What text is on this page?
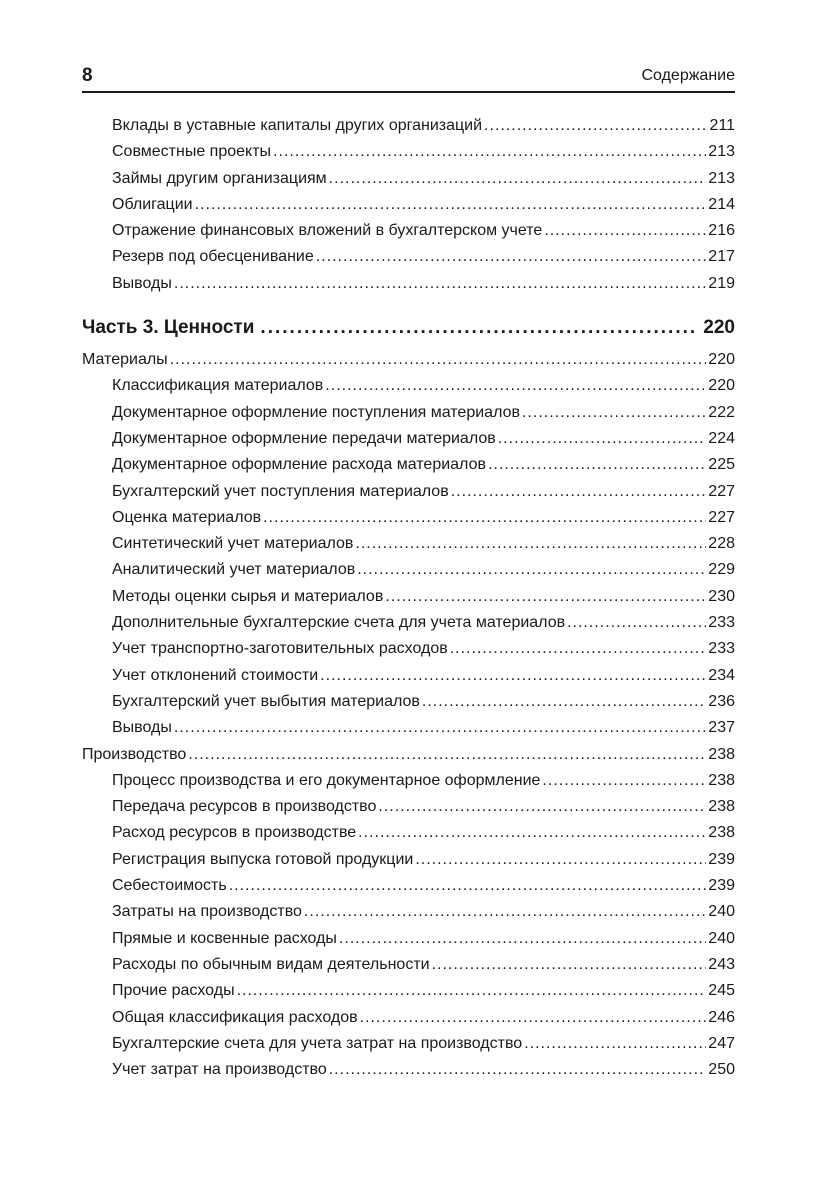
8	Содержание
Вклады в уставные капиталы других организаций .....	211
Совместные проекты .....	213
Займы другим организациям .....	213
Облигации .....	214
Отражение финансовых вложений в бухгалтерском учете .....	216
Резерв под обесценивание .....	217
Выводы .....	219
Часть 3. Ценности .....	220
Материалы .....	220
Классификация материалов .....	220
Документарное оформление поступления материалов .....	222
Документарное оформление передачи материалов .....	224
Документарное оформление расхода материалов .....	225
Бухгалтерский учет поступления материалов .....	227
Оценка материалов .....	227
Синтетический учет материалов .....	228
Аналитический учет материалов .....	229
Методы оценки сырья и материалов .....	230
Дополнительные бухгалтерские счета для учета материалов .....	233
Учет транспортно-заготовительных расходов .....	233
Учет отклонений стоимости .....	234
Бухгалтерский учет выбытия материалов .....	236
Выводы .....	237
Производство .....	238
Процесс производства и его документарное оформление .....	238
Передача ресурсов в производство .....	238
Расход ресурсов в производстве .....	238
Регистрация выпуска готовой продукции .....	239
Себестоимость .....	239
Затраты на производство .....	240
Прямые и косвенные расходы .....	240
Расходы по обычным видам деятельности .....	243
Прочие расходы .....	245
Общая классификация расходов .....	246
Бухгалтерские счета для учета затрат на производство .....	247
Учет затрат на производство .....	250
